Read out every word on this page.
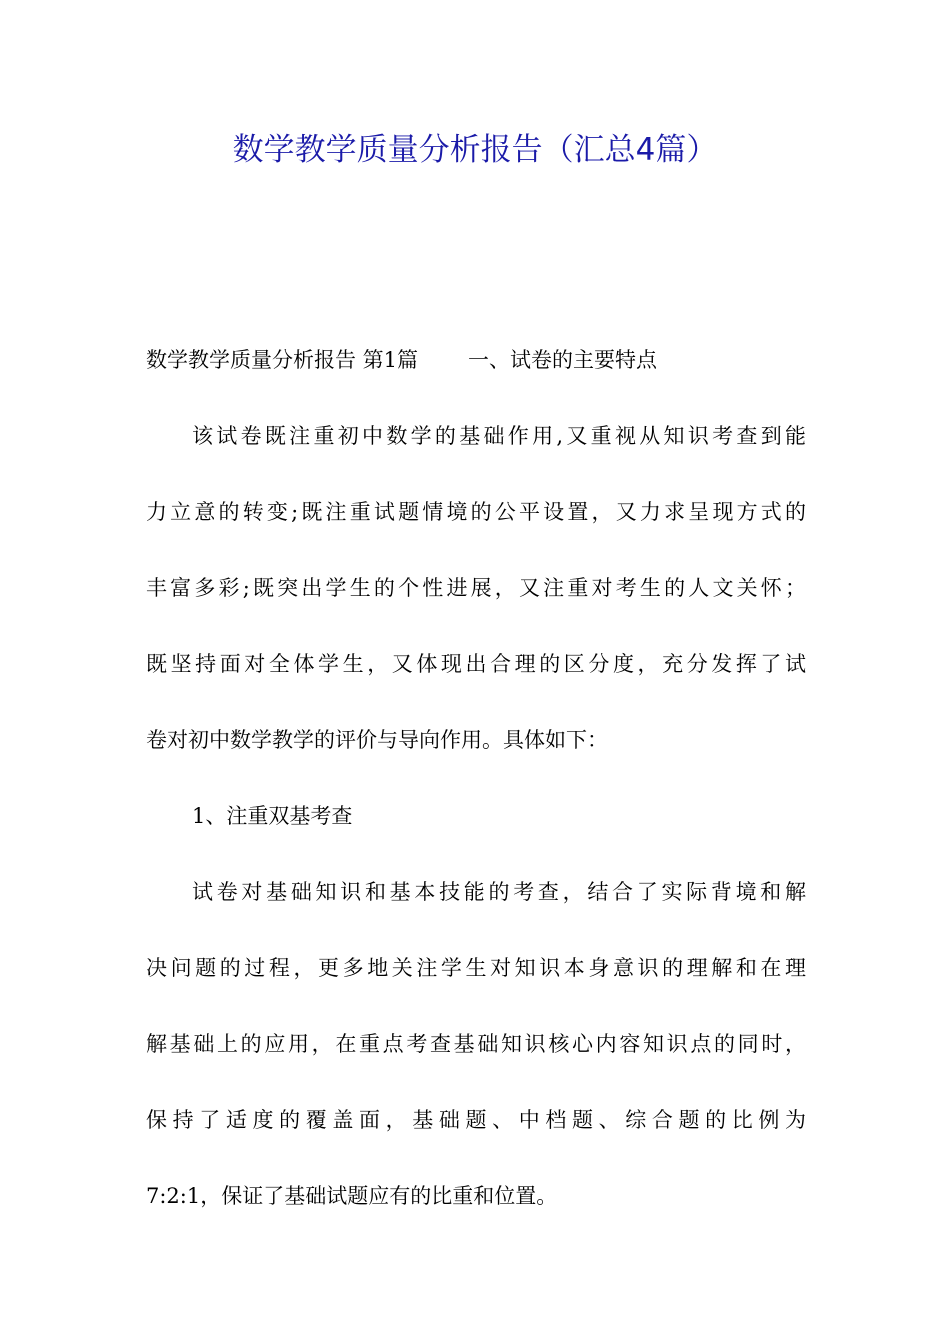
数学教学质量分析报告（汇总4篇）
数学教学质量分析报告 第1篇 一、试卷的主要特点
该试卷既注重初中数学的基础作用,又重视从知识考查到能
力立意的转变;既注重试题情境的公平设置，又力求呈现方式的
丰富多彩;既突出学生的个性进展，又注重对考生的人文关怀；
既坚持面对全体学生，又体现出合理的区分度，充分发挥了试
卷对初中数学教学的评价与导向作用。具体如下：
1、注重双基考查
试卷对基础知识和基本技能的考查，结合了实际背境和解
决问题的过程，更多地关注学生对知识本身意识的理解和在理
解基础上的应用，在重点考查基础知识核心内容知识点的同时，
保持了适度的覆盖面，基础题、中档题、综合题的比例为
7:2:1，保证了基础试题应有的比重和位置。
